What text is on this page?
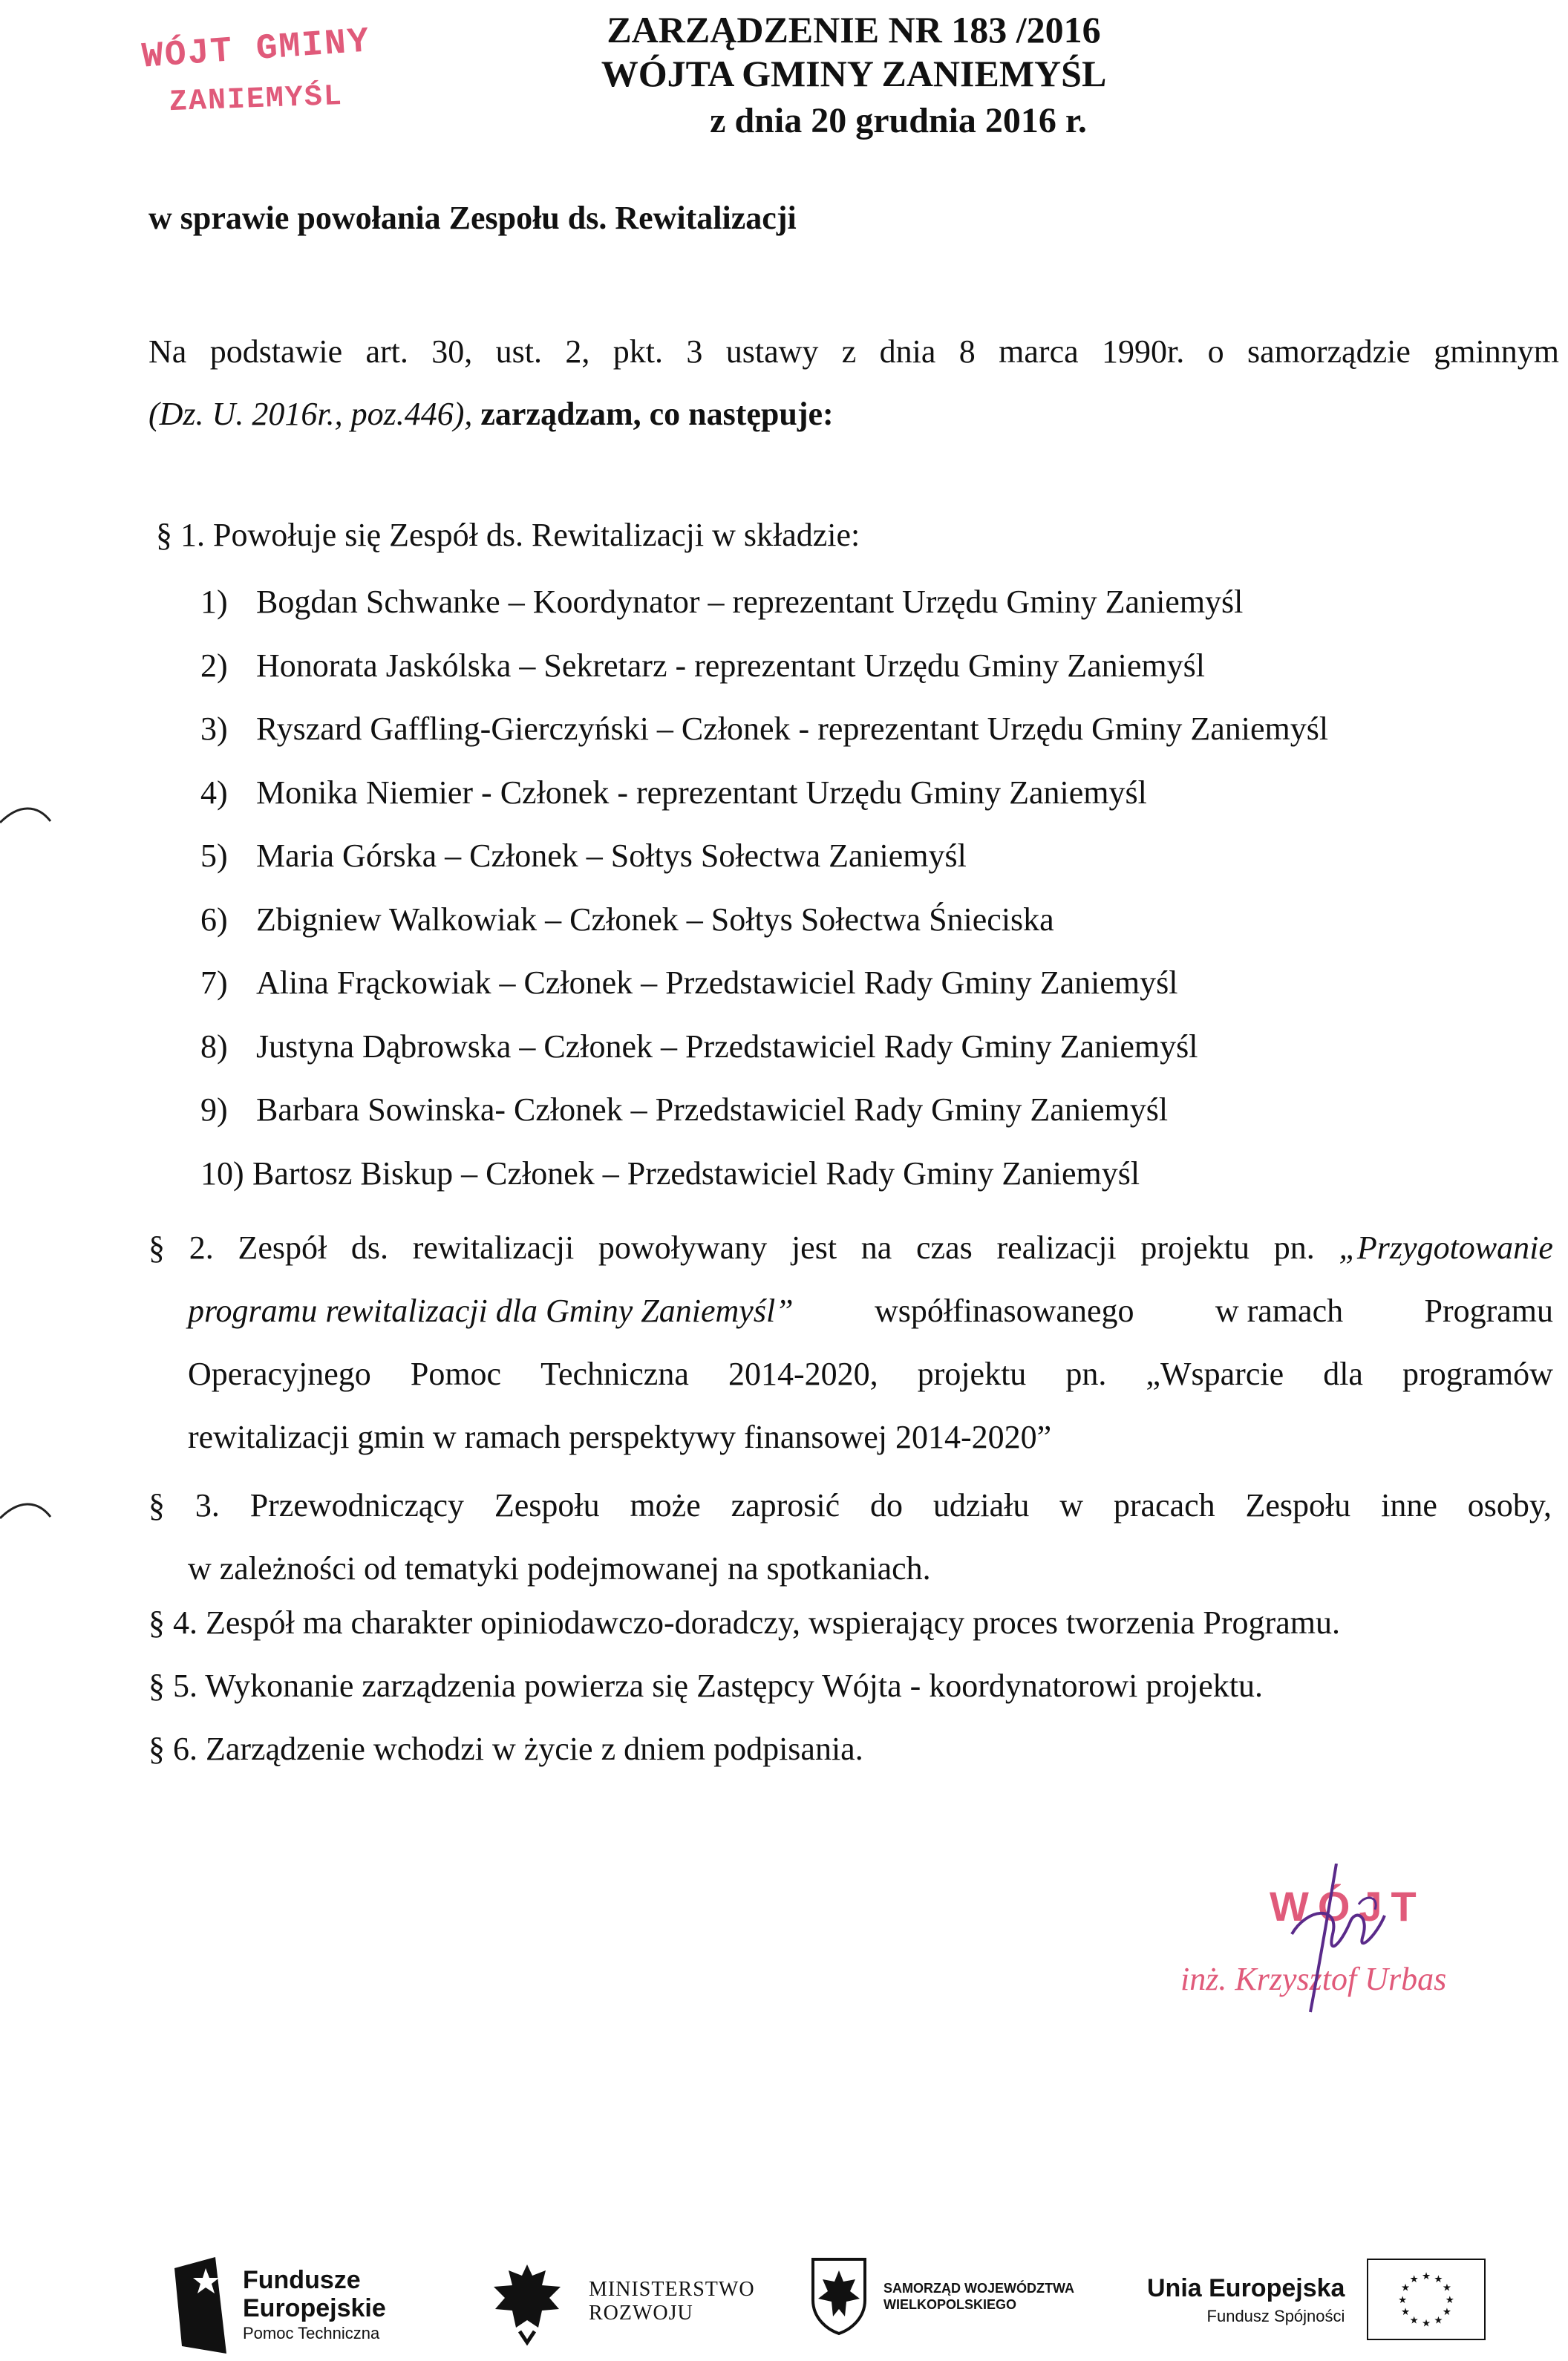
WÓJT GMINY
ZANIEMYŚL
ZARZĄDZENIE NR 183 /2016
WÓJTA GMINY ZANIEMYŚL
z dnia 20 grudnia 2016 r.
w sprawie powołania Zespołu ds. Rewitalizacji
Na podstawie art. 30, ust. 2, pkt. 3 ustawy z dnia 8 marca 1990r. o samorządzie gminnym
(Dz. U. 2016r., poz.446), zarządzam, co następuje:
§ 1. Powołuje się Zespół ds. Rewitalizacji w składzie:
1) Bogdan Schwanke – Koordynator – reprezentant Urzędu Gminy Zaniemyśl
2) Honorata Jaskólska – Sekretarz - reprezentant Urzędu Gminy Zaniemyśl
3) Ryszard Gaffling-Gierczyński – Członek - reprezentant Urzędu Gminy Zaniemyśl
4) Monika Niemier - Członek - reprezentant Urzędu Gminy Zaniemyśl
5) Maria Górska – Członek – Sołtys Sołectwa Zaniemyśl
6) Zbigniew Walkowiak – Członek – Sołtys Sołectwa Śnieciska
7) Alina Frąckowiak – Członek – Przedstawiciel Rady Gminy Zaniemyśl
8) Justyna Dąbrowska – Członek – Przedstawiciel Rady Gminy Zaniemyśl
9) Barbara Sowinska- Członek – Przedstawiciel Rady Gminy Zaniemyśl
10) Bartosz Biskup – Członek – Przedstawiciel Rady Gminy Zaniemyśl
§ 2. Zespół ds. rewitalizacji powoływany jest na czas realizacji projektu pn. „Przygotowanie
programu rewitalizacji dla Gminy Zaniemyśl” współfinasowanego w ramach Programu
Operacyjnego Pomoc Techniczna 2014-2020, projektu pn. „Wsparcie dla programów
rewitalizacji gmin w ramach perspektywy finansowej 2014-2020”
§ 3. Przewodniczący Zespołu może zaprosić do udziału w pracach Zespołu inne osoby,
w zależności od tematyki podejmowanej na spotkaniach.
§ 4. Zespół ma charakter opiniodawczo-doradczy, wspierający proces tworzenia Programu.
§ 5. Wykonanie zarządzenia powierza się Zastępcy Wójta - koordynatorowi projektu.
§ 6. Zarządzenie wchodzi w życie z dniem podpisania.
WÓJT
inż. Krzysztof Urbas
Fundusze
Europejskie
Pomoc Techniczna
MINISTERSTWO
ROZWOJU
SAMORZĄD WOJEWÓDZTWA
WIELKOPOLSKIEGO
Unia Europejska
Fundusz Spójności
★ ★
★
★
★
★
★
★
★
★
★
★
